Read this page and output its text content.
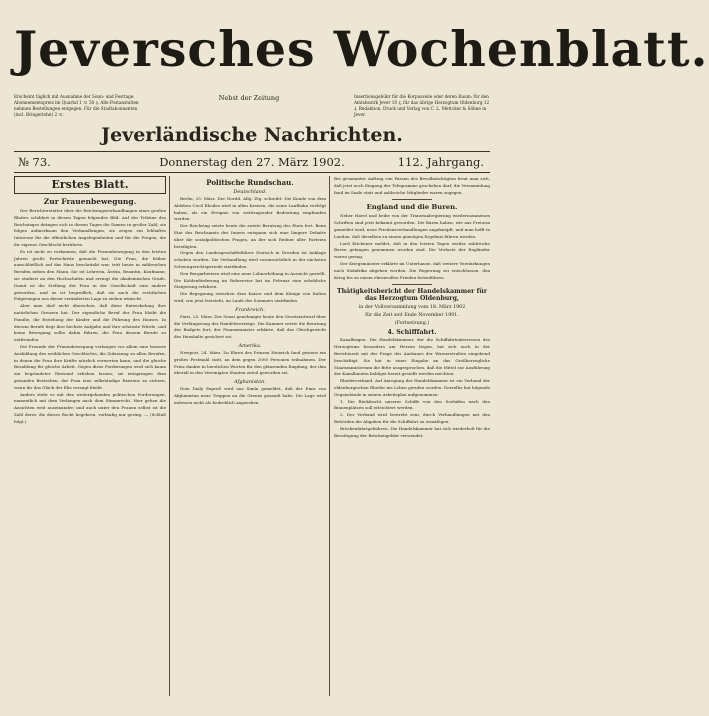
Jeversches Wochenblatt.
Erscheint täglich mit Ausnahme der Sonn- und Festtage. Abonnementspreis im Quartal 1 ℳ 50 ₰. Alle Postanstalten nehmen Bestellungen entgegen. Für die Stadtabonnenten (incl. Bringerlohn) 2 ℳ.
Nebst der Zeitung	Insertionsgebühr für die Korpuszeile oder deren Raum: für den Amtsbezirk Jever 10 ₰, für das übrige Herzogtum Oldenburg 12 ₰. Redaktion, Druck und Verlag von C. L. Mettcker & Söhne in Jever.
Jeverländische Nachrichten.
№ 73.	Donnerstag den 27. März 1902.	112. Jahrgang.
Erstes Blatt.
Zur Frauenbewegung.

Der Berichterstatter über die Reichstagsverhandlungen eines großen Blattes schildert in diesen Tagen folgendes Bild: Auf der Tribüne des Reichstages drängen sich in diesen Tagen die Damen in großer Zahl; sie folgen aufmerksam den Verhandlungen, sie zeigen ein lebhaftes Interesse für die öffentlichen Angelegenheiten und für die Fragen, die ihr eigenes Geschlecht berühren.

Es ist nicht zu verkennen, daß die Frauenbewegung in den letzten Jahren große Fortschritte gemacht hat. Die Frau, die früher ausschließlich auf das Haus beschränkt war, tritt heute in zahlreichen Berufen neben den Mann. Sie ist Lehrerin, Ärztin, Beamtin, Kaufmann; sie studiert an den Hochschulen und erringt die akademischen Grade. Damit ist die Stellung der Frau in der Gesellschaft eine andere geworden, und es ist begreiflich, daß sie auch die rechtlichen Folgerungen aus dieser veränderten Lage zu ziehen wünscht.

Aber man darf nicht übersehen, daß diese Entwickelung ihre natürlichen Grenzen hat. Der eigentliche Beruf der Frau bleibt die Familie, die Erziehung der Kinder und die Führung des Hauses. In diesem Berufe liegt ihre höchste Aufgabe und ihre schönste Würde, und keine Bewegung sollte dahin führen, die Frau diesem Berufe zu entfremden.

Die Freunde der Frauenbewegung verlangen vor allem eine bessere Ausbildung des weiblichen Geschlechts, die Zulassung zu allen Berufen, in denen die Frau ihre Kräfte nützlich verwerten kann, und die gleiche Bezahlung für gleiche Arbeit. Gegen diese Forderungen wird sich kaum ein begründeter Einwand erheben lassen; sie entspringen dem gesunden Bestreben, der Frau eine selbständige Existenz zu sichern, wenn ihr das Glück der Ehe versagt bleibt.

Anders steht es mit den weitergehenden politischen Forderungen, namentlich mit dem Verlangen nach dem Stimmrecht. Hier gehen die Ansichten weit auseinander, und auch unter den Frauen selbst ist die Zahl derer, die dieses Recht begehren, vorläufig nur gering. — (Schluß folgt.)

Politische Rundschau.
Deutschland.

Berlin, 25. März. Der Nordd. Allg. Ztg. schreibt: Die Kunde von dem Ableben Cecil Rhodes wird in allen Kreisen, die seine Laufbahn verfolgt haben, als ein Ereignis von weittragender Bedeutung empfunden werden.

Der Reichstag setzte heute die zweite Beratung des Etats fort. Beim Etat des Reichsamts des Innern entspann sich eine längere Debatte über die sozialpolitischen Fragen, an der sich Redner aller Parteien beteiligten.

Gegen den Landesgeschäftsführer Deutsch in Dresden ist Anklage erhoben worden. Die Verhandlung wird voraussichtlich in der nächsten Schwurgerichtsperiode stattfinden.

Den Bergarbeitern wird eine neue Lohnerhöhung in Aussicht gestellt. Die Kohlenförderung im Ruhrrevier hat im Februar eine erhebliche Steigerung erfahren.

Die Begegnung zwischen dem Kaiser und dem Könige von Italien wird, wie jetzt feststeht, im Laufe des Sommers stattfinden.

Frankreich.

Paris, 25. März. Der Senat genehmigte heute den Gesetzentwurf über die Verlängerung der Handelsverträge. Die Kammer setzte die Beratung des Budgets fort; der Finanzminister erklärte, daß das Gleichgewicht des Haushalts gesichert sei.

Amerika.

Newport, 24. März. Zu Ehren des Prinzen Heinrich fand gestern ein großes Festmahl statt, an dem gegen 2000 Personen teilnahmen. Der Prinz dankte in herzlichen Worten für den glänzenden Empfang, der ihm überall in den Vereinigten Staaten zuteil geworden sei.

Afghanistan.

Dem Daily Expreß wird aus Simla gemeldet, daß der Emir von Afghanistan neue Truppen an die Grenze gesandt habe. Die Lage wird indessen nicht als bedrohlich angesehen.

Bei gesammter Auftrag von Pässen des Bevollmächtigten freut man sich, daß jetzt noch Eingang der Telegramme geschehen darf; die Versammlung fand im Saale statt und zahlreiche Mitglieder waren zugegen.

England und die Buren.

Neber Havel und beibe von der Transvaalregierung wiedernommenen Schriften sind jetzt bekannt geworden. Die Buren haben, wie aus Pretoria gemeldet wird, neue Friedensverhandlungen angeknüpft, und man hofft in London, daß dieselben zu einem günstigen Ergebnis führen werden.

Lord Kitchener meldet, daß in den letzten Tagen wieder zahlreiche Buren gefangen genommen worden sind. Die Verluste der Engländer waren gering.

Der Kriegsminister erklärte im Unterhause, daß weitere Verstärkungen nach Südafrika abgehen werden. Die Regierung sei entschlossen, den Krieg bis zu einem ehrenvollen Frieden fortzuführen.

Thätigkeitsbericht der Handelskammer für das Herzogtum Oldenburg,
in der Vollversammlung vom 18. März 1902
für die Zeit seit Ende November 1901.
(Fortsetzung.)
4. Schifffahrt.

Kanalfragen. Die Handelskammer, der die Schiffahrtsinteressen des Herzogtums besonders am Herzen liegen, hat sich auch in der Berichtszeit mit der Frage des Ausbaues der Wasserstraßen eingehend beschäftigt. Sie hat in einer Eingabe an das Großherzogliche Staatsministerium die Bitte ausgesprochen, daß die Mittel zur Ausführung der Kanalbauten baldigst bereit gestellt werden möchten.

Rhederverband. Auf Anregung der Handelskammer ist ein Verband der oldenburgischen Rheder ins Leben gerufen worden. Derselbe hat folgende Gegenstände in seinen Arbeitsplan aufgenommen:

1. Die Rückfracht unserer Schiffe von den Seehäfen nach den Binnenplätzen soll erleichtert werden.

2. Der Verband wird bestrebt sein, durch Verhandlungen mit den Behörden die Abgaben für die Schiffahrt zu ermäßigen.

Brückenfahrtgebühren. Die Handelskammer hat sich wiederholt für die Beseitigung der Brückengelder verwendet.
